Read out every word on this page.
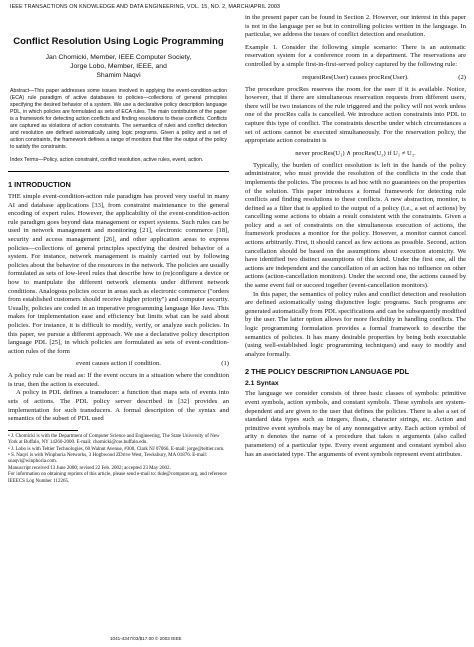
IEEE TRANSACTIONS ON KNOWLEDGE AND DATA ENGINEERING, VOL. 15, NO. 2, MARCH/APRIL 2003
Conflict Resolution Using Logic Programming
Jan Chomicki, Member, IEEE Computer Society,
Jorge Lobo, Member, IEEE, and
Shamim Naqvi
Abstract—This paper addresses some issues involved in applying the event-condition-action (ECA) rule paradigm of active databases to policies—collections of general principles specifying the desired behavior of a system. We use a declarative policy description language PDL, in which policies are formulated as sets of ECA rules. The main contribution of the paper is a framework for detecting action conflicts and finding resolutions to these conflicts. Conflicts are captured as violations of action constraints. The semantics of rules and conflict detection and resolution are defined axiomatically using logic programs. Given a policy and a set of action constraints, the framework defines a range of monitors that filter the output of the policy to satisfy the constraints.
Index Terms—Policy, action constraint, conflict resolution, active rules, event, action.
1 INTRODUCTION

THE simple event-condition-action rule paradigm has proved very useful in many AI and database applications [33], from constraint maintenance to the general encoding of expert rules. However, the applicability of the event-condition-action rule paradigm goes beyond data management or expert systems. Such rules can be used in network management and monitoring [21], electronic commerce [18], security and access management [26], and other application areas to express policies—collections of general principles specifying the desired behavior of a system. For instance, network management is mainly carried out by following policies about the behavior of the resources in the network. The policies are usually formulated as sets of low-level rules that describe how to (re)configure a device or how to manipulate the different network elements under different network conditions. Analogous policies occur in areas such as electronic commerce ("orders from established customers should receive higher priority") and computer security. Usually, policies are coded in an imperative programming language like Java. This makes for implementation ease and efficiency but limits what can be said about policies. For instance, it is difficult to modify, verify, or analyze such policies. In this paper, we pursue a different approach. We use a declarative policy description language PDL [25], in which policies are formulated as sets of event-condition-action rules of the form

event causes action if condition.	(1)

A policy rule can be read as: If the event occurs in a situation where the condition is true, then the action is executed.

A policy in PDL defines a transducer: a function that maps sets of events into sets of actions. The PDL policy server described in [32] provides an implementation for such transducers. A formal description of the syntax and semantics of the subset of PDL used

• J. Chomicki is with the Department of Computer Science and Engineering, The State University of New York at Buffalo, NY 14260-2000. E-mail: chomicki@cse.buffalo.edu.

• J. Lobo is with Teltier Technologies, 60 Walnut Avenue, #300, Clark NJ 07066. E-mail: jorge@teltier.com.

• S. Naqvi is with Winphoria Networks, 3 Hogbwood ZDrive West, Tewksbury, MA 01876. E-mail: snaqvi@winphoria.com.

Manuscript received 13 June 2000; revised 22 Feb. 2002; accepted 23 May 2002.

For information on obtaining reprints of this article, please send e-mail to: tkde@computer.org, and reference IEEECS Log Number 112265.

in the present paper can be found in Section 2. However, our interest in this paper is not in the language per se but in controlling policies written in the language. In particular, we address the issues of conflict detection and resolution.

Example 1. Consider the following simple scenario: There is an automatic reservation system for a conference room in a department. The reservations are controlled by a simple first-in-first-served policy captured by the following rule:

requestRes(User) causes procRes(User).	(2)

The procedure procRes reserves the room for the user if it is available. Notice, however, that if there are simultaneous reservation requests from different users, there will be two instances of the rule triggered and the policy will not work unless one of the procRes calls is cancelled. We introduce action constraints into PDL to capture this type of conflict. The constraints describe under which circumstances a set of actions cannot be executed simultaneously. For the reservation policy, the appropriate action constraint is

never procRes(U₁) ∧ procRes(U₂) if U₁ ≠ U₂.

Typically, the burden of conflict resolution is left in the hands of the policy administrator, who must provide the resolution of the conflicts in the code that implements the policies. The process is ad hoc with no guarantees on the properties of the solution. This paper introduces a formal framework for detecting rule conflicts and finding resolutions to these conflicts. A new abstraction, monitor, is defined as a filter that is applied to the output of a policy (i.e., a set of actions) by cancelling some actions to obtain a result consistent with the constraints. Given a policy and a set of constraints on the simultaneous execution of actions, the framework produces a monitor for the policy. However, a monitor cannot cancel actions arbitrarily. First, it should cancel as few actions as possible. Second, action cancellation should be based on the assumptions about execution atomicity. We have identified two distinct assumptions of this kind. Under the first one, all the actions are independent and the cancellation of an action has no influence on other actions (action-cancellation monitors). Under the second one, the actions caused by the same event fail or succeed together (event-cancellation monitors).

In this paper, the semantics of policy rules and conflict detection and resolution are defined axiomatically using disjunctive logic programs. Such programs are generated automatically from PDL specifications and can be subsequently modified by the user. The latter option allows for more flexibility in handling conflicts. The logic programming formulation provides a formal framework to describe the semantics of policies. It has many desirable properties by being both executable (using well-established logic programming techniques) and easy to modify and analyze formally.

2 THE POLICY DESCRIPTION LANGUAGE PDL
2.1 Syntax

The language we consider consists of three basic classes of symbols: primitive event symbols, action symbols, and constant symbols. These symbols are system-dependent and are given to the user that defines the policies. There is also a set of standard data types such as integers, floats, character strings, etc. Action and primitive event symbols may be of any nonnegative arity. Each action symbol of arity n denotes the name of a procedure that takes n arguments (also called parameters) of a particular type. Every event argument and constant symbol also has an associated type. The arguments of event symbols represent event attributes.

1041-4347/03/$17.00 © 2003 IEEE
